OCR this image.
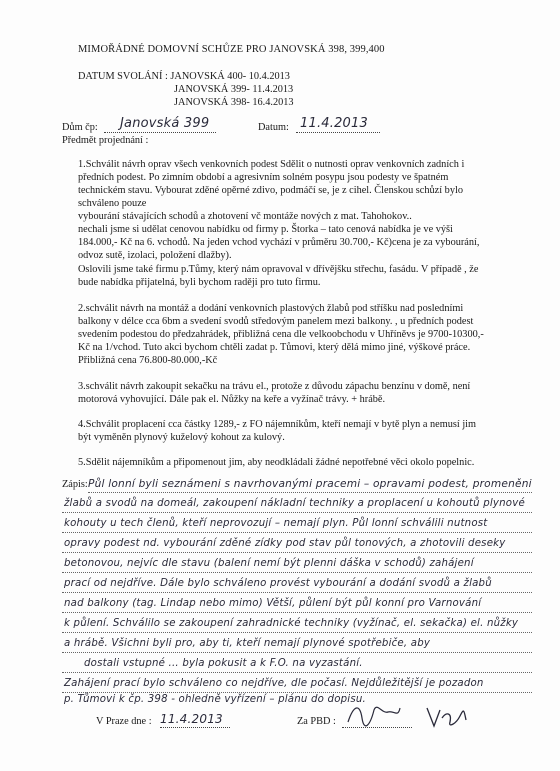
MIMOŘÁDNÉ DOMOVNÍ SCHŮZE PRO JANOVSKÁ 398, 399,400
DATUM SVOLÁNÍ : JANOVSKÁ 400- 10.4.2013
JANOVSKÁ 399- 11.4.2013
JANOVSKÁ 398- 16.4.2013
Dům čp: Janovská 399	Datum: 11.4.2013
Předmět projednání :
1.Schválit návrh oprav všech venkovních podest Sdělit o nutnosti oprav venkovních zadních i
předních podest. Po zimním období a agresivním solném posypu jsou podesty ve špatném
technickém stavu. Vybourat zděné opěrné zdivo, podmáčí se, je z cihel. Členskou schůzí bylo
schváleno pouze
vybourání stávajících schodů a zhotovení vč montáže nových z mat. Tahohokov..
nechali jsme si udělat cenovou nabídku od firmy p. Štorka – tato cenová nabídka je ve výši
184.000,- Kč na 6. vchodů. Na jeden vchod vychází v průměru 30.700,- Kč)cena je za vybourání,
odvoz sutě, izolaci, položení dlažby).
Oslovili jsme také firmu p.Tůmy, který nám opravoval v dřívějšku střechu, fasádu. V případě , že
bude nabídka přijatelná, byli bychom raději pro tuto firmu.
2.schválit návrh na montáž a dodání venkovních plastových žlabů pod stříšku nad posledními
balkony v délce cca 6bm a svedení svodů středovým panelem mezi balkony. , u předních podest
svedením podestou do předzahrádek, přibližná cena dle velkoobchodu v Uhříněvs je 9700-10300,-
Kč na 1/vchod. Tuto akci bychom chtěli zadat p. Tůmovi, který dělá mimo jiné, výškové práce.
Přibližná cena 76.800-80.000,-Kč
3.schválit návrh zakoupit sekačku na trávu el., protože z důvodu zápachu benzínu v domě, není
motorová vyhovující. Dále pak el. Nůžky na keře a vyžínač trávy. + hrábě.
4.Schválit proplacení cca částky 1289,- z FO nájemníkům, kteří nemají v bytě plyn a nemusí jim
být vyměněn plynový kuželový kohout za kulový.
5.Sdělit nájemníkům a připomenout jim, aby neodkládali žádné nepotřebné věci okolo popelnic.
Zápis: Půl lonní byli seznámeni s navrhovanými pracemi – opravami podest, promeněni
žlabů a svodů na domeál, zakoupení nákladní techniky a proplacení u kohoutů plynové
kohouty u tech členů, kteří neprovozují – nemají plyn. Půl lonní schválili nutnost
opravy podest nd. vybourání zděné zídky pod stav půl tonových, a zhotovili deseky
betonovou, nejvíc dle stavu (balení nemí být plenni dáška v schodů) zahájení
prací od nejdříve. Dále bylo schváleno provést vybourání a dodání svodů a žlabů
nad balkony (tag. Lindap nebo mimo) Větší, půlení být půl konní pro Varnování
k půlení. Schválilo se zakoupení zahradnické techniky (vyžínač, el. sekačka) el. nůžky
a hrábě. Všichni byli pro, aby ti, kteří nemají plynové spotřebiče, aby
dostali vstupné ... byla pokusit a k F.O. na vyzastání.
Zahájení prací bylo schváleno co nejdříve, dle počasí. Nejdůležitější je pozadon
p. Tůmovi k čp. 398 - ohledně vyřízení – plánu do dopisu.
V Praze dne : 11.4.2013	Za PBD :
